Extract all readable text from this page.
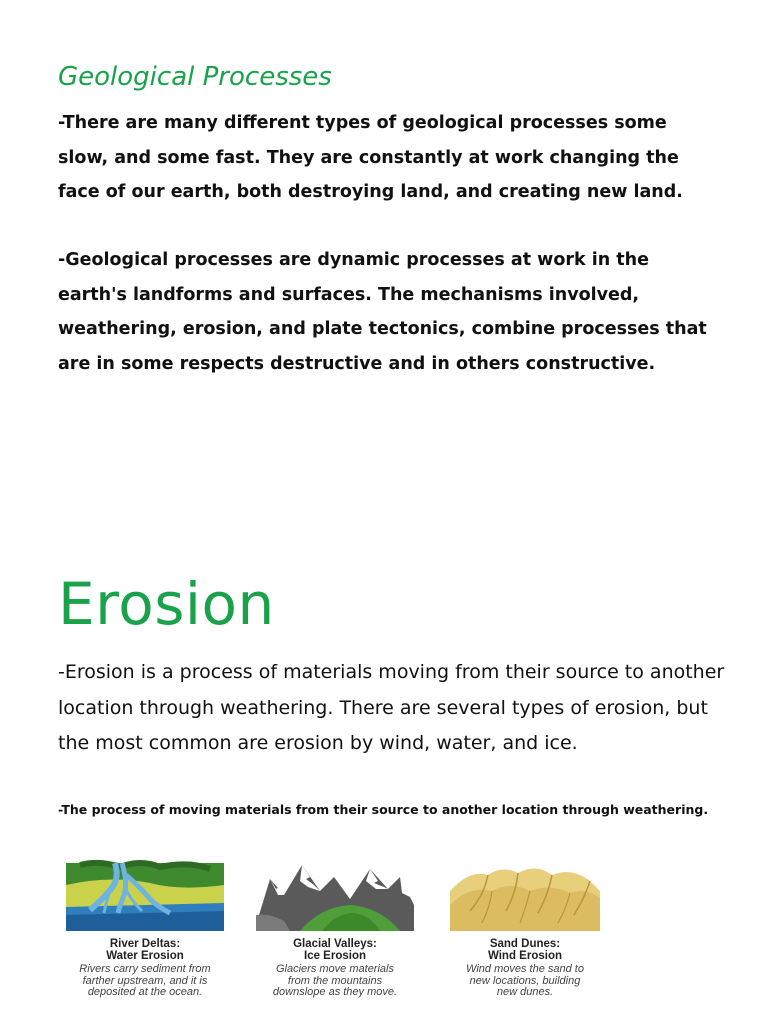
Geological Processes

-There are many different types of geological processes some slow, and some fast. They are constantly at work changing the face of our earth, both destroying land, and creating new land.

-Geological processes are dynamic processes at work in the earth's landforms and surfaces. The mechanisms involved, weathering, erosion, and plate tectonics, combine processes that are in some respects destructive and in others constructive.

Erosion

-Erosion is a process of materials moving from their source to another location through weathering. There are several types of erosion, but the most common are erosion by wind, water, and ice.

-The process of moving materials from their source to another location through weathering.

River Deltas:
Water Erosion
Rivers carry sediment from
farther upstream, and it is
deposited at the ocean.
Glacial Valleys:
Ice Erosion
Glaciers move materials
from the mountains
downslope as they move.
Sand Dunes:
Wind Erosion
Wind moves the sand to
new locations, building
new dunes.
